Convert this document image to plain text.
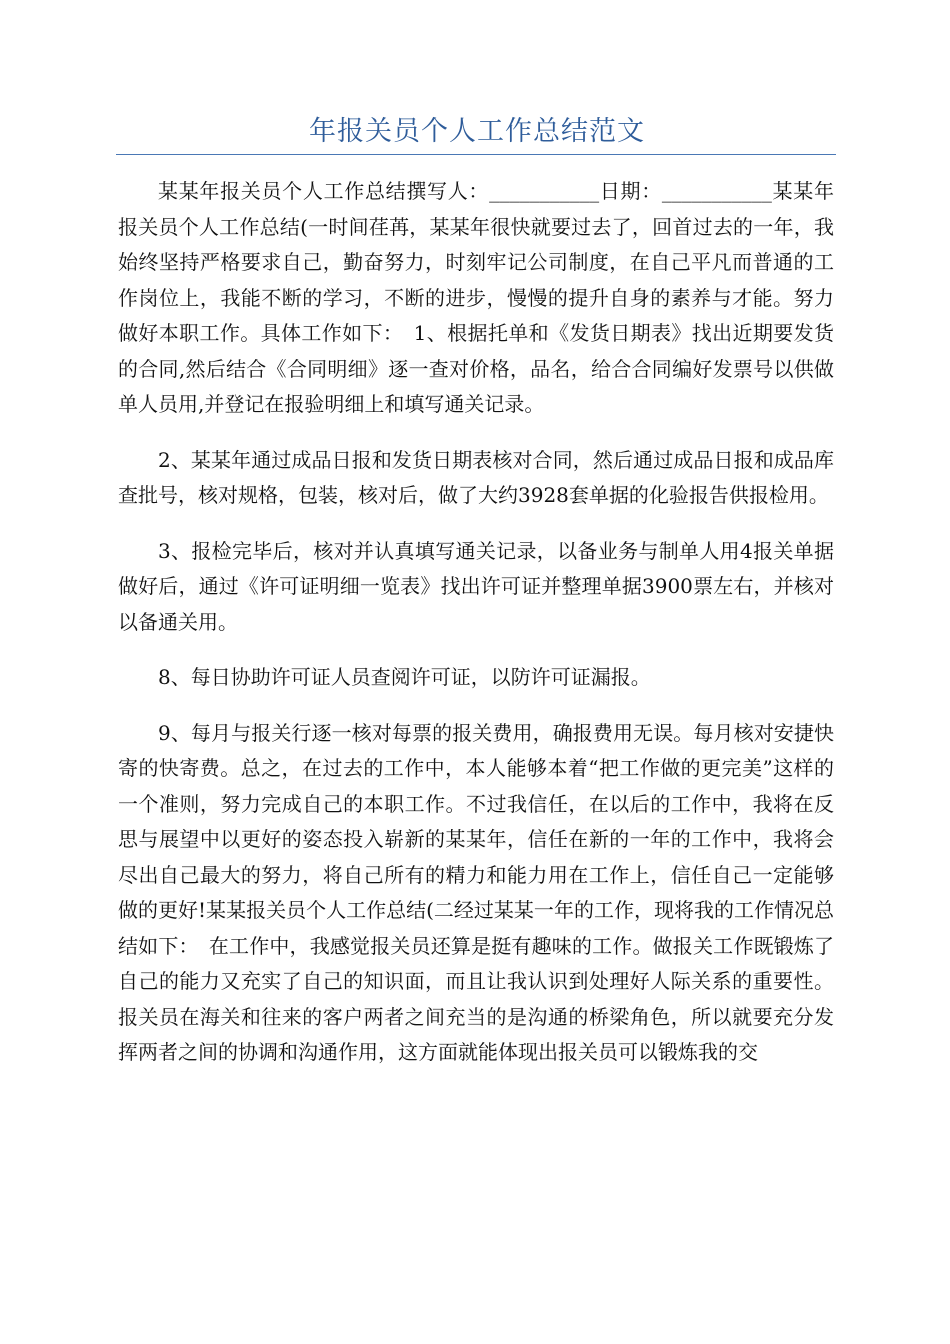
年报关员个人工作总结范文

某某年报关员个人工作总结撰写人：___________日期：___________某某年报关员个人工作总结(一时间荏苒，某某年很快就要过去了，回首过去的一年，我始终坚持严格要求自己，勤奋努力，时刻牢记公司制度，在自己平凡而普通的工作岗位上，我能不断的学习，不断的进步，慢慢的提升自身的素养与才能。努力做好本职工作。具体工作如下：　1、根据托单和《发货日期表》找出近期要发货的合同,然后结合《合同明细》逐一查对价格，品名，给合合同编好发票号以供做单人员用,并登记在报验明细上和填写通关记录。

2、某某年通过成品日报和发货日期表核对合同，然后通过成品日报和成品库查批号，核对规格，包装，核对后，做了大约3928套单据的化验报告供报检用。

3、报检完毕后，核对并认真填写通关记录，以备业务与制单人用4报关单据做好后，通过《许可证明细一览表》找出许可证并整理单据3900票左右，并核对以备通关用。

8、每日协助许可证人员查阅许可证，以防许可证漏报。

9、每月与报关行逐一核对每票的报关费用，确报费用无误。每月核对安捷快寄的快寄费。总之，在过去的工作中，本人能够本着“把工作做的更完美”这样的一个准则，努力完成自己的本职工作。不过我信任，在以后的工作中，我将在反思与展望中以更好的姿态投入崭新的某某年，信任在新的一年的工作中，我将会尽出自己最大的努力，将自己所有的精力和能力用在工作上，信任自己一定能够做的更好!某某报关员个人工作总结(二经过某某一年的工作，现将我的工作情况总结如下：　在工作中，我感觉报关员还算是挺有趣味的工作。做报关工作既锻炼了自己的能力又充实了自己的知识面，而且让我认识到处理好人际关系的重要性。报关员在海关和往来的客户两者之间充当的是沟通的桥梁角色，所以就要充分发挥两者之间的协调和沟通作用，这方面就能体现出报关员可以锻炼我的交
